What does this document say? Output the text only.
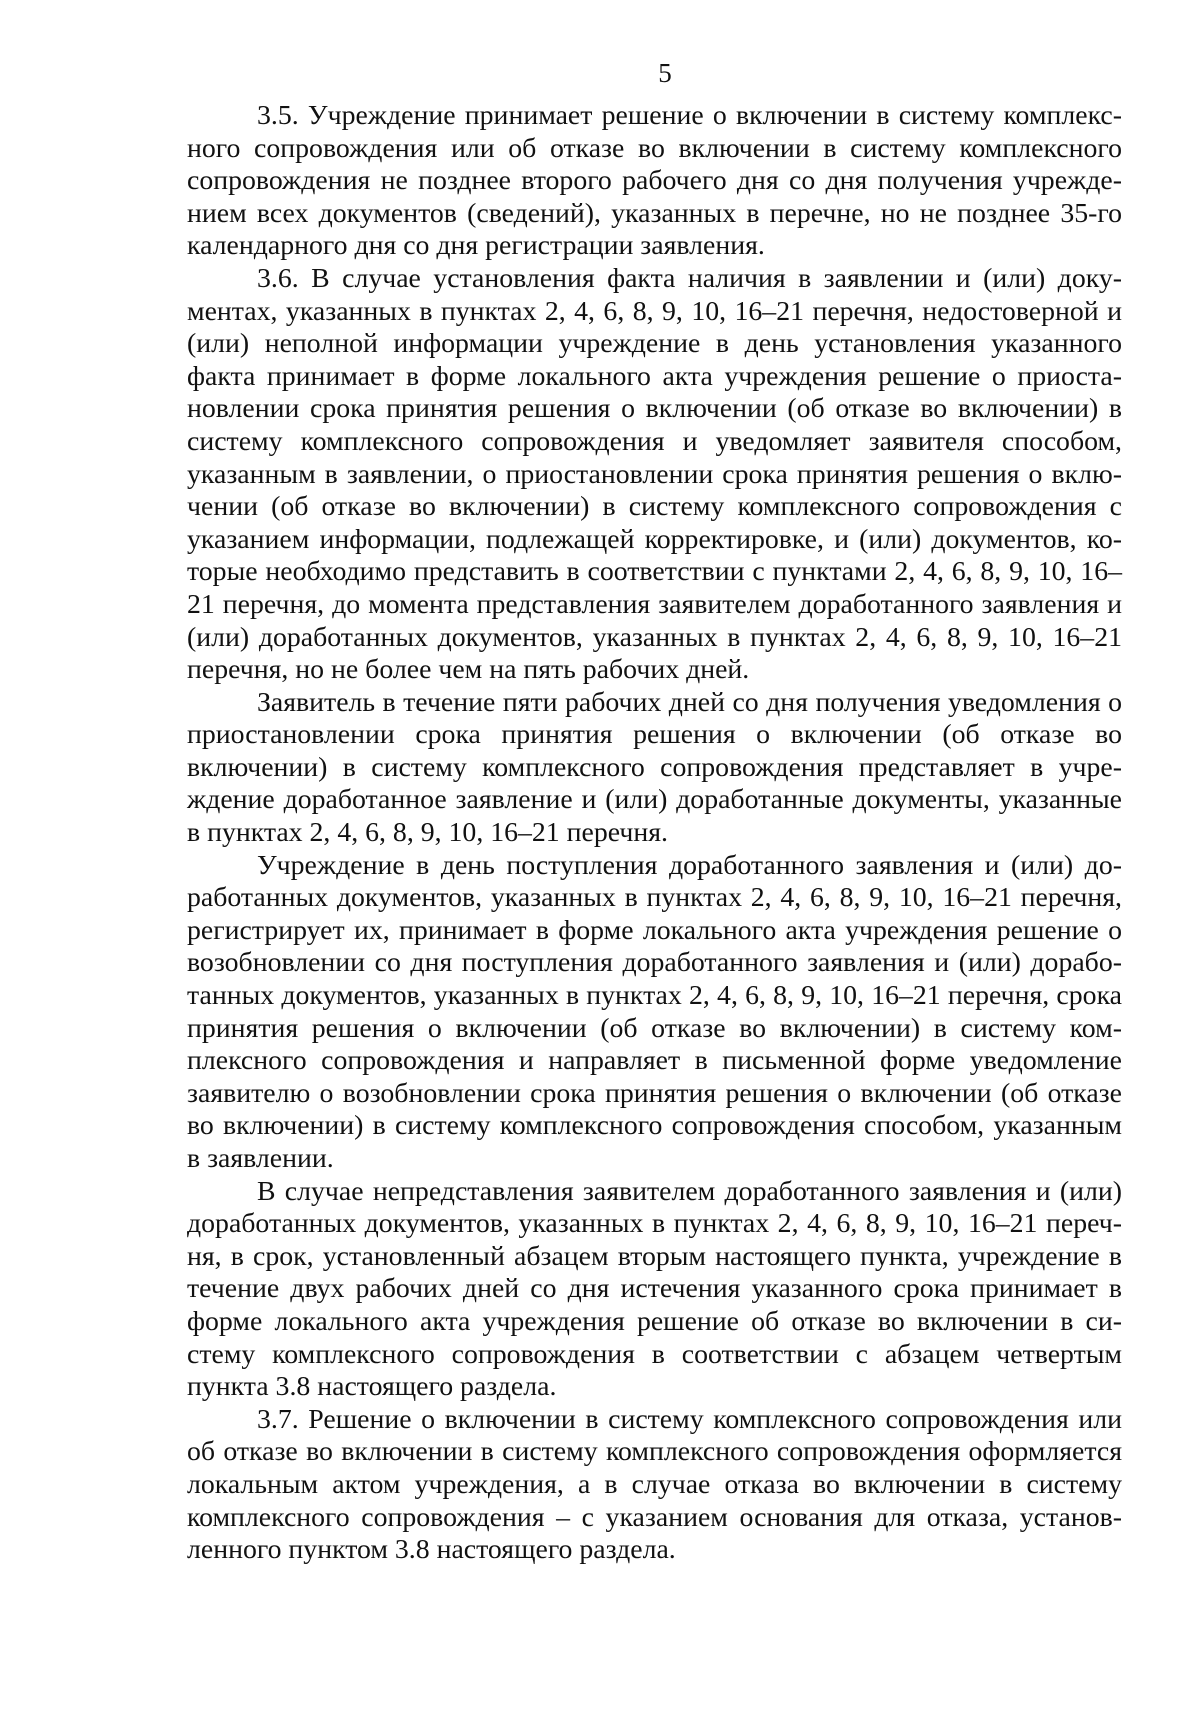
5

3.5. Учреждение принимает решение о включении в систему комплексного сопровождения или об отказе во включении в систему комплексного сопровождения не позднее второго рабочего дня со дня получения учреждением всех документов (сведений), указанных в перечне, но не позднее 35-го календарного дня со дня регистрации заявления.

3.6. В случае установления факта наличия в заявлении и (или) документах, указанных в пунктах 2, 4, 6, 8, 9, 10, 16–21 перечня, недостоверной и (или) неполной информации учреждение в день установления указанного факта принимает в форме локального акта учреждения решение о приостановлении срока принятия решения о включении (об отказе во включении) в систему комплексного сопровождения и уведомляет заявителя способом, указанным в заявлении, о приостановлении срока принятия решения о включении (об отказе во включении) в систему комплексного сопровождения с указанием информации, подлежащей корректировке, и (или) документов, которые необходимо представить в соответствии с пунктами 2, 4, 6, 8, 9, 10, 16–21 перечня, до момента представления заявителем доработанного заявления и (или) доработанных документов, указанных в пунктах 2, 4, 6, 8, 9, 10, 16–21 перечня, но не более чем на пять рабочих дней.

Заявитель в течение пяти рабочих дней со дня получения уведомления о приостановлении срока принятия решения о включении (об отказе во включении) в систему комплексного сопровождения представляет в учреждение доработанное заявление и (или) доработанные документы, указанные в пунктах 2, 4, 6, 8, 9, 10, 16–21 перечня.

Учреждение в день поступления доработанного заявления и (или) доработанных документов, указанных в пунктах 2, 4, 6, 8, 9, 10, 16–21 перечня, регистрирует их, принимает в форме локального акта учреждения решение о возобновлении со дня поступления доработанного заявления и (или) доработанных документов, указанных в пунктах 2, 4, 6, 8, 9, 10, 16–21 перечня, срока принятия решения о включении (об отказе во включении) в систему комплексного сопровождения и направляет в письменной форме уведомление заявителю о возобновлении срока принятия решения о включении (об отказе во включении) в систему комплексного сопровождения способом, указанным в заявлении.

В случае непредставления заявителем доработанного заявления и (или) доработанных документов, указанных в пунктах 2, 4, 6, 8, 9, 10, 16–21 перечня, в срок, установленный абзацем вторым настоящего пункта, учреждение в течение двух рабочих дней со дня истечения указанного срока принимает в форме локального акта учреждения решение об отказе во включении в систему комплексного сопровождения в соответствии с абзацем четвертым пункта 3.8 настоящего раздела.

3.7. Решение о включении в систему комплексного сопровождения или об отказе во включении в систему комплексного сопровождения оформляется локальным актом учреждения, а в случае отказа во включении в систему комплексного сопровождения – с указанием основания для отказа, установленного пунктом 3.8 настоящего раздела.
